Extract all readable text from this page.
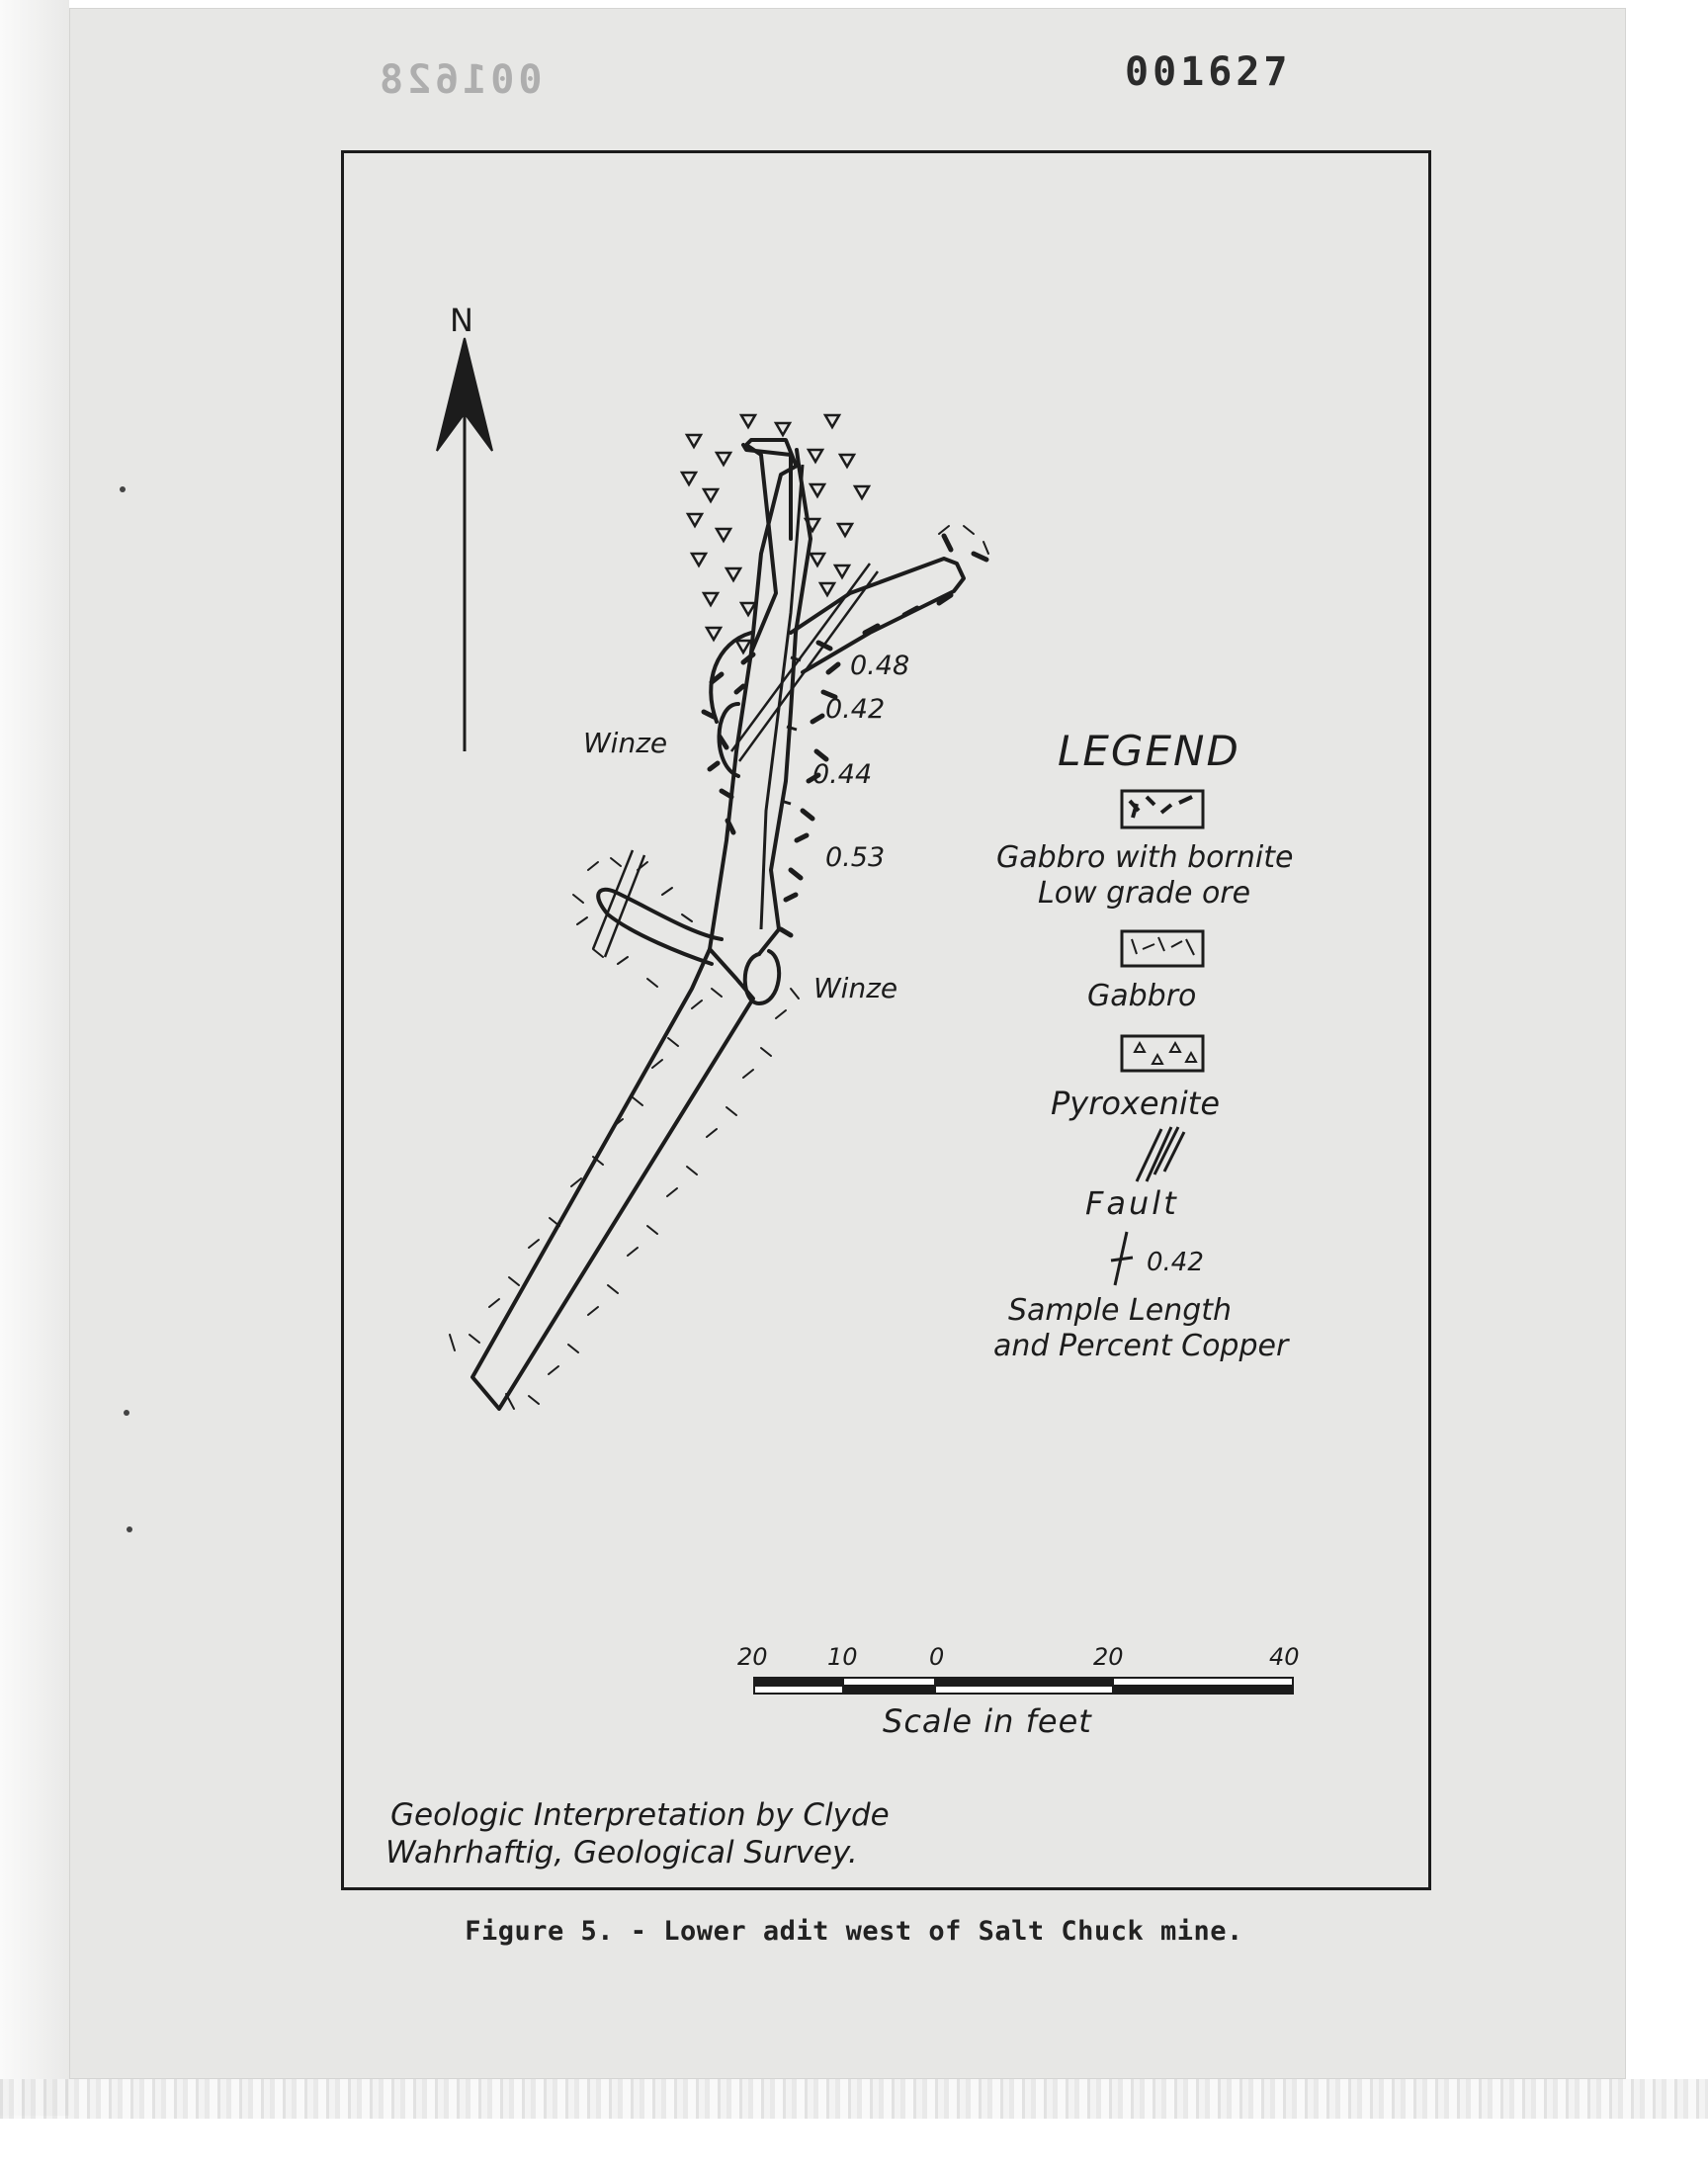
001628	001627
N
Winze
Winze
0.48
0.42
0.44
0.53
LEGEND
Gabbro with bornite
Low grade ore
Gabbro
Pyroxenite
Fault
0.42
Sample Length
and Percent Copper
20	10	0	20	40
Scale in feet
Geologic Interpretation by Clyde
Wahrhaftig, Geological Survey.
Figure 5. - Lower adit west of Salt Chuck mine.
